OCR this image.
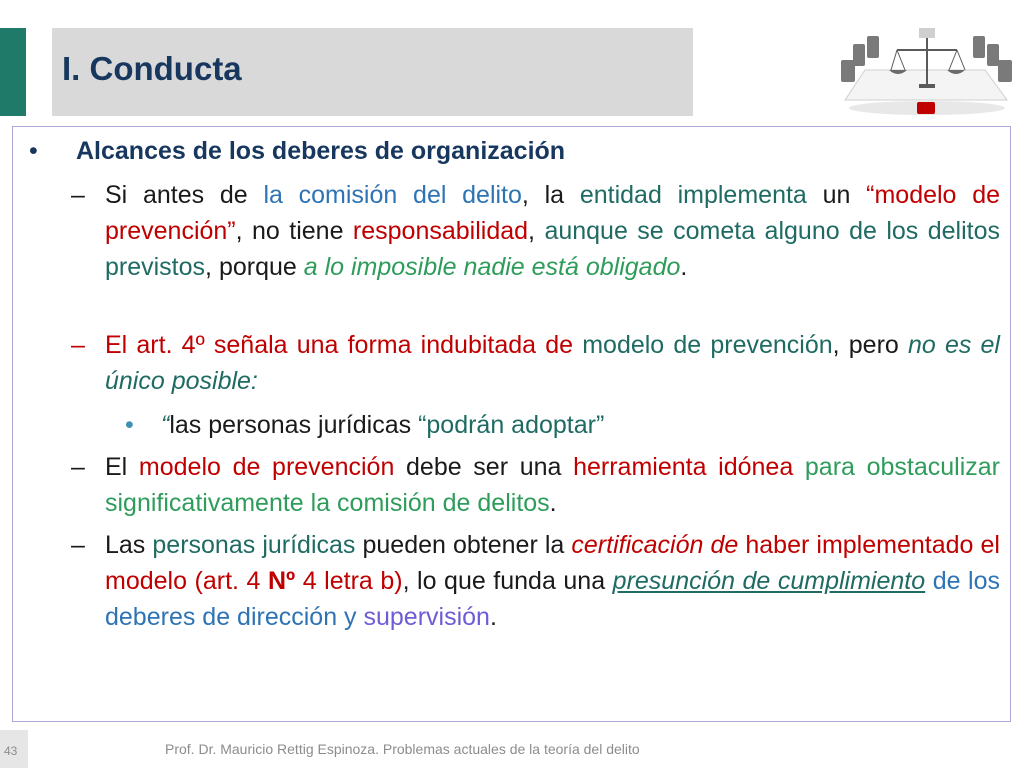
I. Conducta
•	Alcances de los deberes de organización
– Si antes de la comisión del delito, la entidad implementa un “modelo de prevención”, no tiene responsabilidad, aunque se cometa alguno de los delitos previstos, porque a lo imposible nadie está obligado.
– El art. 4º señala una forma indubitada de modelo de prevención, pero no es el único posible:
•	“las personas jurídicas “podrán adoptar”
– El modelo de prevención debe ser una herramienta idónea para obstaculizar significativamente la comisión de delitos.
– Las personas jurídicas pueden obtener la certificación de haber implementado el modelo (art. 4 Nº 4 letra b), lo que funda una presunción de cumplimiento de los deberes de dirección y supervisión.
43	Prof. Dr. Mauricio Rettig Espinoza. Problemas actuales de la teoría del delito
